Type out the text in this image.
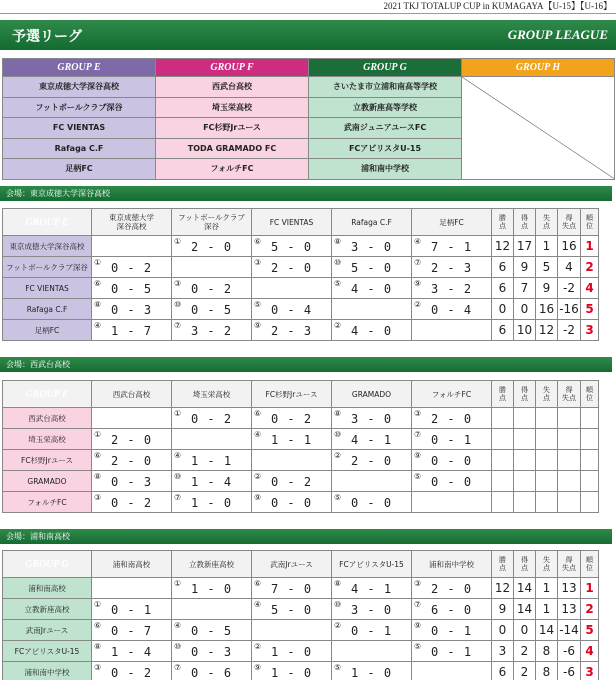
2021 TKJ TOTALUP CUP in KUMAGAYA【U-15】【U-16】
予選リーグ	GROUP LEAGUE
GROUP E	GROUP F	GROUP G	GROUP H
東京成徳大学深谷高校	西武台高校	さいたま市立浦和南高等学校	

フットボールクラブ深谷	埼玉栄高校	立教新座高等学校	
FC VIENTAS	FC杉野Jrユース	武南ジュニアユースFC	
Rafaga C.F	TODA GRAMADO FC	FCアビリスタU-15	
足柄FC	フォルチFC	浦和南中学校	
会場：東京成徳大学深谷高校
GROUP E	東京成徳大学
深谷高校	フットボールクラブ
深谷	FC VIENTAS	Rafaga C.F	足柄FC	勝
点	得
点	失
点	得
失点	順
位
東京成徳大学深谷高校		① 2 - 0	⑥ 5 - 0	⑧ 3 - 0	④ 7 - 1	12	17	1	16	1
フットボールクラブ深谷	① 0 - 2		③ 2 - 0	⑩ 5 - 0	⑦ 2 - 3	6	9	5	4	2
FC VIENTAS	⑥ 0 - 5	③ 0 - 2		⑤ 4 - 0	⑨ 3 - 2	6	7	9	-2	4
Rafaga C.F	⑧ 0 - 3	⑩ 0 - 5	⑤ 0 - 4		② 0 - 4	0	0	16	-16	5
足柄FC	④ 1 - 7	⑦ 3 - 2	⑨ 2 - 3	② 4 - 0		6	10	12	-2	3
会場：西武台高校
GROUP F	西武台高校	埼玉栄高校	FC杉野Jrユース	GRAMADO	フォルチFC	勝
点	得
点	失
点	得
失点	順
位
西武台高校		① 0 - 2	⑥ 0 - 2	⑧ 3 - 0	③ 2 - 0					

埼玉栄高校	① 2 - 0		④ 1 - 1	⑩ 4 - 1	⑦ 0 - 1					

FC杉野Jrユース	⑥ 2 - 0	④ 1 - 1		② 2 - 0	⑨ 0 - 0					

GRAMADO	⑧ 0 - 3	⑩ 1 - 4	② 0 - 2		⑤ 0 - 0					

フォルチFC	③ 0 - 2	⑦ 1 - 0	⑨ 0 - 0	⑤ 0 - 0						

会場：浦和南高校
GROUP G	浦和南高校	立教新座高校	武南Jrユース	FCアビリスタU-15	浦和南中学校	勝
点	得
点	失
点	得
失点	順
位
浦和南高校		① 1 - 0	⑥ 7 - 0	⑧ 4 - 1	③ 2 - 0	12	14	1	13	1
立教新座高校	① 0 - 1		④ 5 - 0	⑩ 3 - 0	⑦ 6 - 0	9	14	1	13	2
武南Jrユース	⑥ 0 - 7	④ 0 - 5		② 0 - 1	⑨ 0 - 1	0	0	14	-14	5
FCアビリスタU-15	⑧ 1 - 4	⑩ 0 - 3	② 1 - 0		⑤ 0 - 1	3	2	8	-6	4
浦和南中学校	③ 0 - 2	⑦ 0 - 6	⑨ 1 - 0	⑤ 1 - 0		6	2	8	-6	3
